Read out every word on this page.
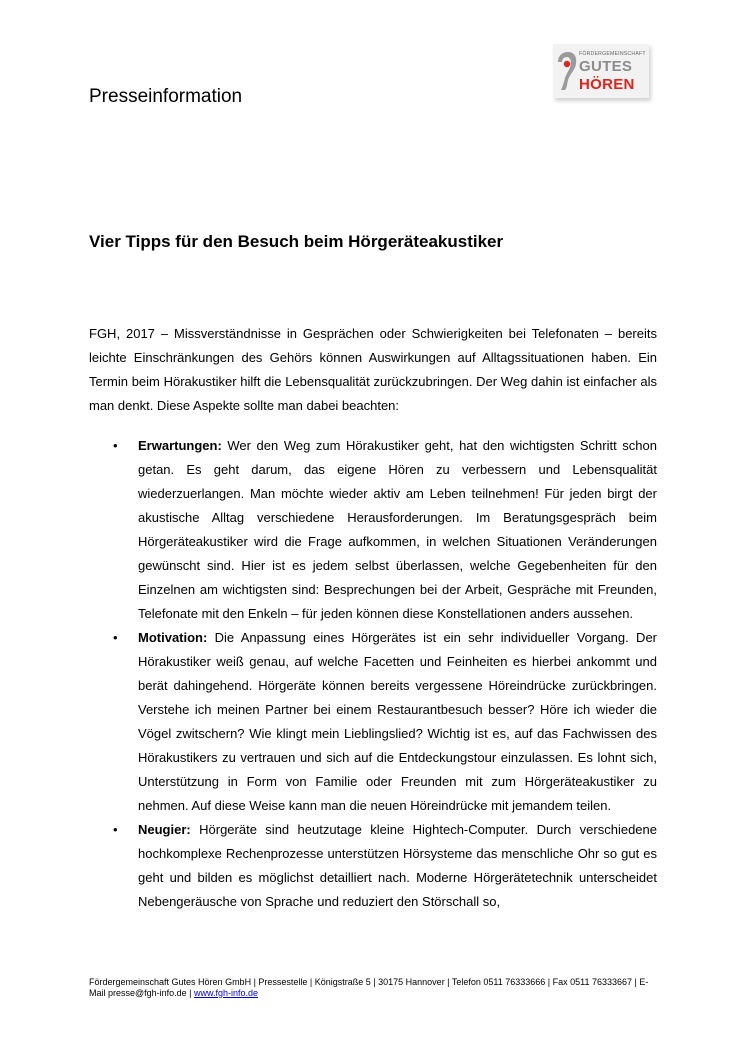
Presseinformation
FÖRDERGEMEINSCHAFT
GUTES
HÖREN
Vier Tipps für den Besuch beim Hörgeräteakustiker

FGH, 2017 – Missverständnisse in Gesprächen oder Schwierigkeiten bei Telefonaten – bereits leichte Einschränkungen des Gehörs können Auswirkungen auf Alltagssituationen haben. Ein Termin beim Hörakustiker hilft die Lebensqualität zurückzubringen. Der Weg dahin ist einfacher als man denkt. Diese Aspekte sollte man dabei beachten:

• Erwartungen: Wer den Weg zum Hörakustiker geht, hat den wichtigsten Schritt schon getan. Es geht darum, das eigene Hören zu verbessern und Lebensqualität wiederzuerlangen. Man möchte wieder aktiv am Leben teilnehmen! Für jeden birgt der akustische Alltag verschiedene Herausforderungen. Im Beratungsgespräch beim Hörgeräteakustiker wird die Frage aufkommen, in welchen Situationen Veränderungen gewünscht sind. Hier ist es jedem selbst überlassen, welche Gegebenheiten für den Einzelnen am wichtigsten sind: Besprechungen bei der Arbeit, Gespräche mit Freunden, Telefonate mit den Enkeln – für jeden können diese Konstellationen anders aussehen.
• Motivation: Die Anpassung eines Hörgerätes ist ein sehr individueller Vorgang. Der Hörakustiker weiß genau, auf welche Facetten und Feinheiten es hierbei ankommt und berät dahingehend. Hörgeräte können bereits vergessene Höreindrücke zurückbringen. Verstehe ich meinen Partner bei einem Restaurantbesuch besser? Höre ich wieder die Vögel zwitschern? Wie klingt mein Lieblingslied? Wichtig ist es, auf das Fachwissen des Hörakustikers zu vertrauen und sich auf die Entdeckungstour einzulassen. Es lohnt sich, Unterstützung in Form von Familie oder Freunden mit zum Hörgeräteakustiker zu nehmen. Auf diese Weise kann man die neuen Höreindrücke mit jemandem teilen.
• Neugier: Hörgeräte sind heutzutage kleine Hightech-Computer. Durch verschiedene hochkomplexe Rechenprozesse unterstützen Hörsysteme das menschliche Ohr so gut es geht und bilden es möglichst detailliert nach. Moderne Hörgerätetechnik unterscheidet Nebengeräusche von Sprache und reduziert den Störschall so,
Fördergemeinschaft Gutes Hören GmbH | Pressestelle | Königstraße 5 | 30175 Hannover | Telefon 0511 76333666 | Fax 0511 76333667 | E-Mail presse@fgh-info.de | www.fgh-info.de
